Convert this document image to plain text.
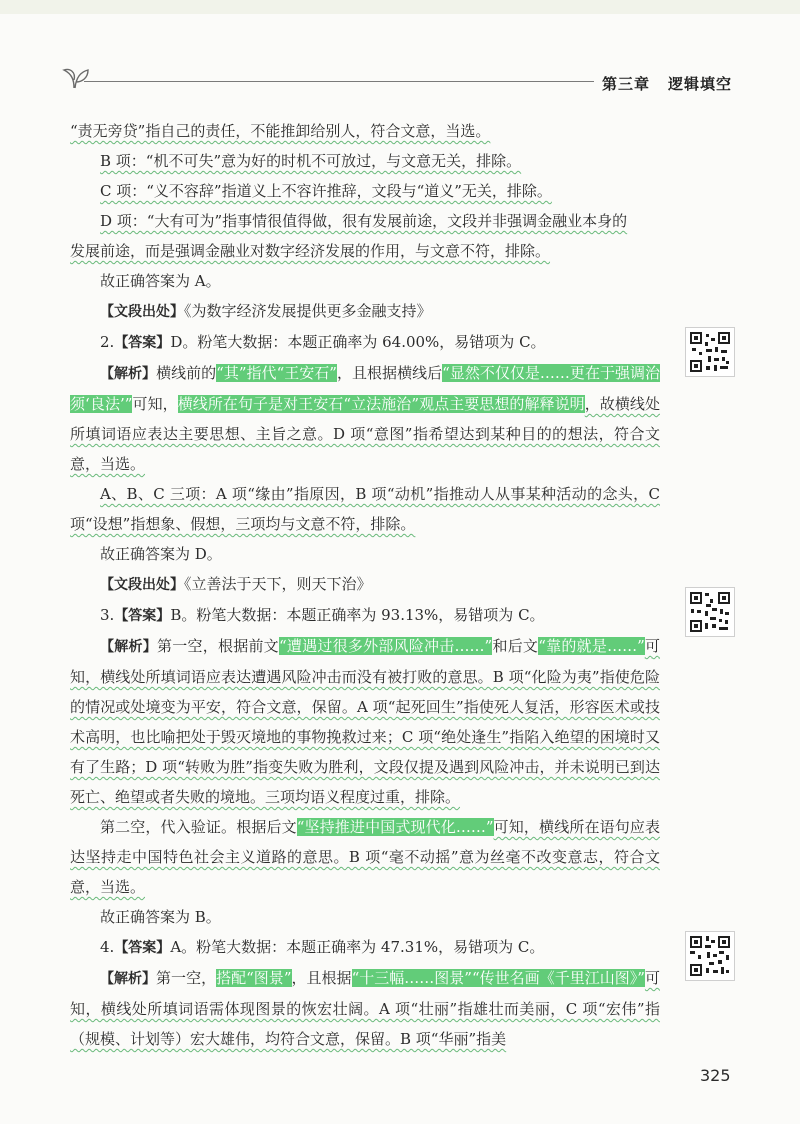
第三章 逻辑填空

“责无旁贷”指自己的责任，不能推卸给别人，符合文意，当选。

B 项：“机不可失”意为好的时机不可放过，与文意无关，排除。

C 项：“义不容辞”指道义上不容许推辞，文段与“道义”无关，排除。

D 项：“大有可为”指事情很值得做，很有发展前途，文段并非强调金融业本身的

发展前途，而是强调金融业对数字经济发展的作用，与文意不符，排除。

故正确答案为 A。

【文段出处】《为数字经济发展提供更多金融支持》

2.【答案】D。粉笔大数据：本题正确率为 64.00%，易错项为 C。

【解析】横线前的“其”指代“王安石”，且根据横线后“显然不仅仅是……更在于强调治须‘良法’”可知，横线所在句子是对王安石“立法施治”观点主要思想的解释说明，故横线处所填词语应表达主要思想、主旨之意。D 项“意图”指希望达到某种目的的想法，符合文意，当选。

A、B、C 三项：A 项“缘由”指原因，B 项“动机”指推动人从事某种活动的念头，C 项“设想”指想象、假想，三项均与文意不符，排除。

故正确答案为 D。

【文段出处】《立善法于天下，则天下治》

3.【答案】B。粉笔大数据：本题正确率为 93.13%，易错项为 C。

【解析】第一空，根据前文“遭遇过很多外部风险冲击……”和后文“靠的就是……”可知，横线处所填词语应表达遭遇风险冲击而没有被打败的意思。B 项“化险为夷”指使危险的情况或处境变为平安，符合文意，保留。A 项“起死回生”指使死人复活，形容医术或技术高明，也比喻把处于毁灭境地的事物挽救过来；C 项“绝处逢生”指陷入绝望的困境时又有了生路；D 项“转败为胜”指变失败为胜利，文段仅提及遇到风险冲击，并未说明已到达死亡、绝望或者失败的境地。三项均语义程度过重，排除。

第二空，代入验证。根据后文“坚持推进中国式现代化……”可知，横线所在语句应表达坚持走中国特色社会主义道路的意思。B 项“毫不动摇”意为丝毫不改变意志，符合文意，当选。

故正确答案为 B。

4.【答案】A。粉笔大数据：本题正确率为 47.31%，易错项为 C。

【解析】第一空，搭配“图景”，且根据“十三幅……图景”“传世名画《千里江山图》”可知，横线处所填词语需体现图景的恢宏壮阔。A 项“壮丽”指雄壮而美丽，C 项“宏伟”指（规模、计划等）宏大雄伟，均符合文意，保留。B 项“华丽”指美

325
